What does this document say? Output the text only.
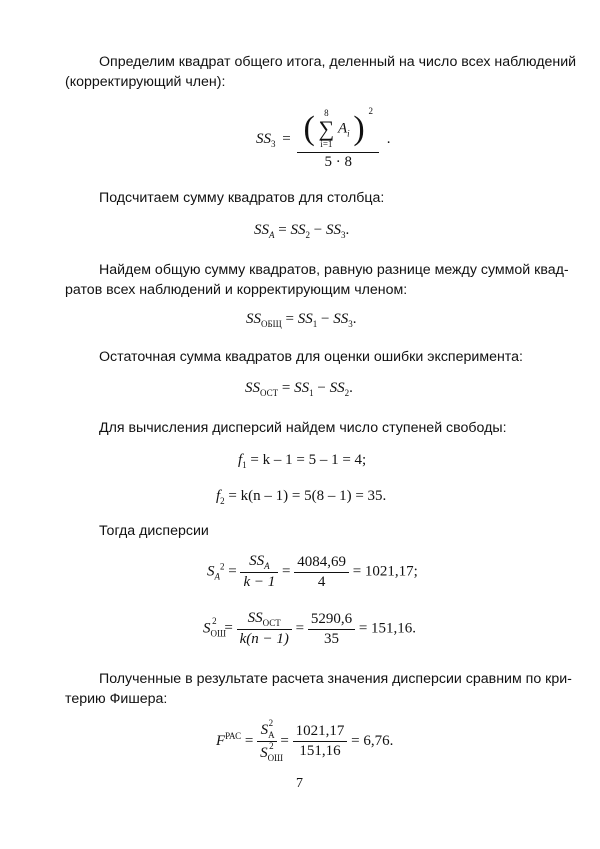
Определим квадрат общего итога, деленный на число всех наблюдений
(корректирующий член):
$SS_3$ = (	8
∑
i=1
$A_i$ ) $^2$
5 · 8
.
Подсчитаем сумму квадратов для столбца:
$SS_A = SS_2 - SS_3$.
Найдем общую сумму квадратов, равную разнице между суммой квад-
ратов всех наблюдений и корректирующим членом:
$SS_{ОБЩ} = SS_1 - SS_3$.
Остаточная сумма квадратов для оценки ошибки эксперимента:
$SS_{ОСТ} = SS_1 - SS_2$.
Для вычисления дисперсий найдем число ступеней свободы:
$f_1 = k - 1 = 5 - 1 = 4$;
$f_2 = k(n - 1) = 5(8 - 1) = 35$.
Тогда дисперсии
$S_A^2 = \frac{SS_A}{k - 1} = \frac{4084,69}{4} = 1021,17$;
$S_{ОШ}^2 = \frac{SS_{ОСТ}}{k(n - 1)} = \frac{5290,6}{35} = 151,16$.
Полученные в результате расчета значения дисперсии сравним по кри-
терию Фишера:
$F^{РАС} = \frac{S_A^2}{S_{ОШ}^2} = \frac{1021,17}{151,16} = 6,76$.
7
